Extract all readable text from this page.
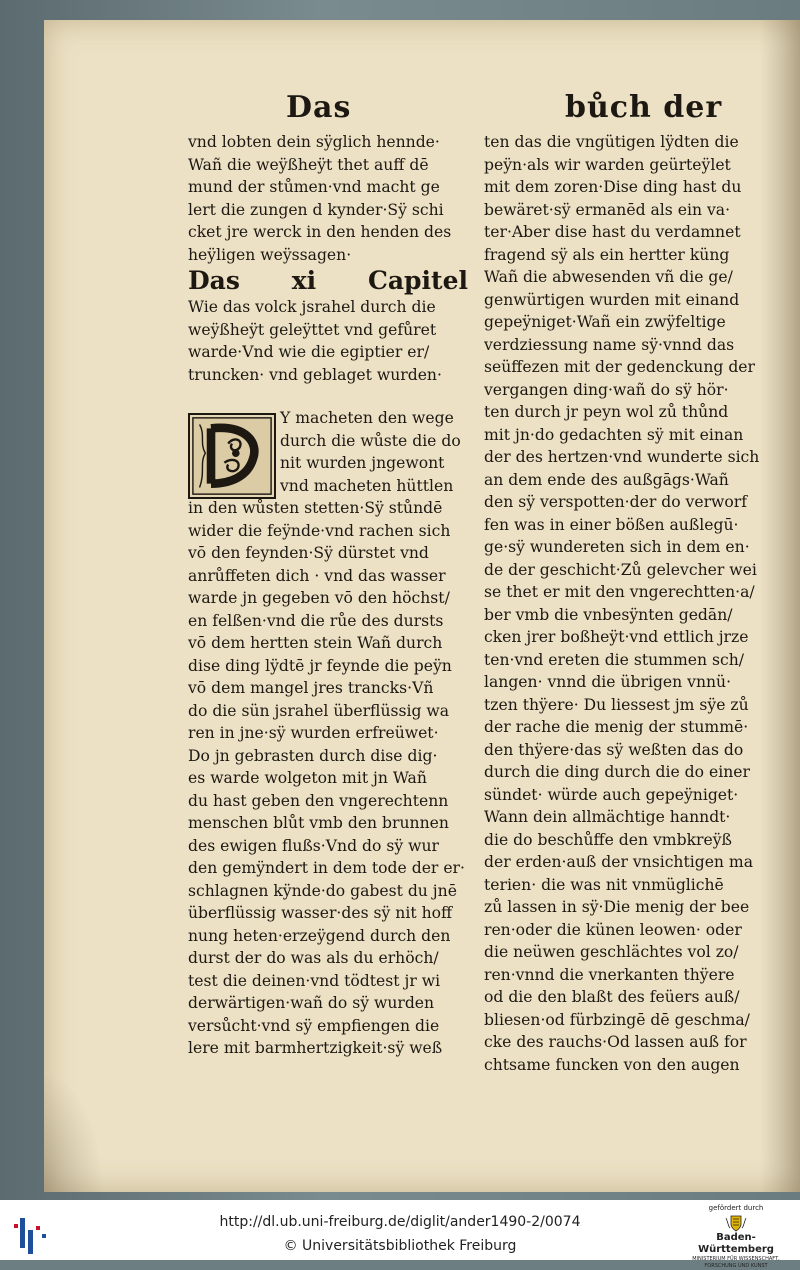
Das	bůch der
vnd lobten dein sÿglich hennde·
Wañ die weÿßheÿt thet auff dē
mund der stůmen·vnd macht ge
lert die zungen d kynder·Sÿ schi
cket jre werck in den henden des
heÿligen weÿssagen·
Das xi Capitel
Wie das volck jsrahel durch die
weÿßheÿt geleÿttet vnd gefůret
warde·Vnd wie die egiptier er/
truncken· vnd geblaget wurden·
Y macheten den wege
durch die wůste die do
nit wurden jngewont
vnd macheten hüttlen
in den wůsten stetten·Sÿ stůndē
wider die feÿnde·vnd rachen sich
vō den feynden·Sÿ dürstet vnd
anrůffeten dich · vnd das wasser
warde jn gegeben vō den höchst/
en felßen·vnd die růe des dursts
vō dem hertten stein Wañ durch
dise ding lÿdtē jr feynde die peÿn
vō dem mangel jres trancks·Vñ
do die sün jsrahel überflüssig wa
ren in jne·sÿ wurden erfreüwet·
Do jn gebrasten durch dise dig·
es warde wolgeton mit jn Wañ
du hast geben den vngerechtenn
menschen blůt vmb den brunnen
des ewigen flußs·Vnd do sÿ wur
den gemÿndert in dem tode der er·
schlagnen kÿnde·do gabest du jnē
überflüssig wasser·des sÿ nit hoff
nung heten·erzeÿgend durch den
durst der do was als du erhöch/
test die deinen·vnd tödtest jr wi
derwärtigen·wañ do sÿ wurden
versůcht·vnd sÿ empfiengen die
lere mit barmhertzigkeit·sÿ weß
ten das die vngütigen lÿdten die
peÿn·als wir warden geürteÿlet
mit dem zoren·Dise ding hast du
bewäret·sÿ ermanēd als ein va·
ter·Aber dise hast du verdamnet
fragend sÿ als ein hertter küng
Wañ die abwesenden vñ die ge/
genwürtigen wurden mit einand
gepeÿniget·Wañ ein zwÿfeltige
verdziessung name sÿ·vnnd das
seüffezen mit der gedenckung der
vergangen ding·wañ do sÿ hör·
ten durch jr peyn wol zů thůnd
mit jn·do gedachten sÿ mit einan
der des hertzen·vnd wunderte sich
an dem ende des außgāgs·Wañ
den sÿ verspotten·der do verworf
fen was in einer bößen außlegū·
ge·sÿ wundereten sich in dem en·
de der geschicht·Zů gelevcher wei
se thet er mit den vngerechtten·a/
ber vmb die vnbesÿnten gedān/
cken jrer boßheÿt·vnd ettlich jrze
ten·vnd ereten die stummen sch/
langen· vnnd die übrigen vnnü·
tzen thÿere· Du liessest jm sÿe zů
der rache die menig der stummē·
den thÿere·das sÿ weßten das do
durch die ding durch die do einer
sündet· würde auch gepeÿniget·
Wann dein allmächtige hanndt·
die do beschůffe den vmbkreÿß
der erden·auß der vnsichtigen ma
terien· die was nit vnmüglichē
zů lassen in sÿ·Die menig der bee
ren·oder die künen leowen· oder
die neüwen geschlächtes vol zo/
ren·vnnd die vnerkanten thÿere
od die den blaßt des feüers auß/
bliesen·od fürbzingē dē geschma/
cke des rauchs·Od lassen auß for
chtsame funcken von den augen
http://dl.ub.uni-freiburg.de/diglit/ander1490-2/0074
© Universitätsbibliothek Freiburg
gefördert durch
Baden-Württemberg
MINISTERIUM FÜR WISSENSCHAFT, FORSCHUNG UND KUNST
